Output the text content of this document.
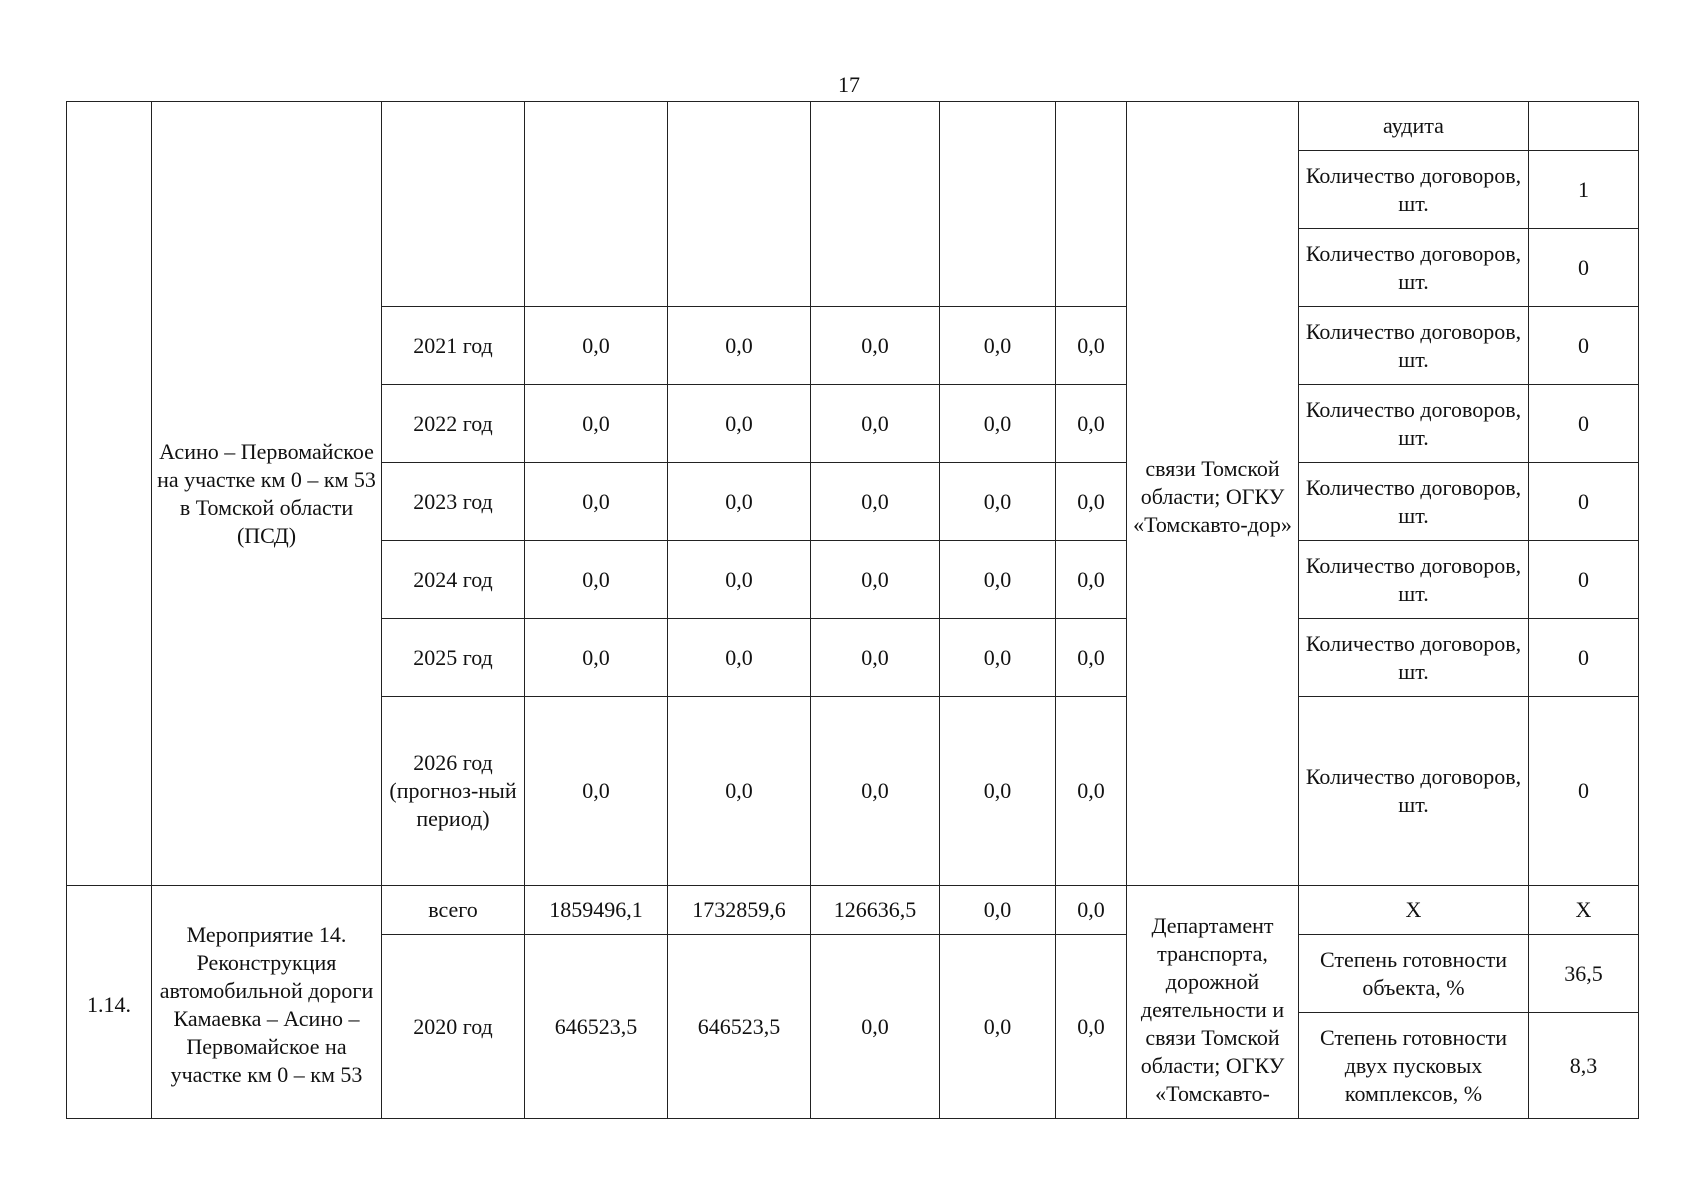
17
	Асино – Первомайское на участке км 0 – км 53 в Томской области (ПСД)							связи Томской области; ОГКУ «Томскавто-дор»	аудита	
									Количество договоров, шт.	1
									Количество договоров, шт.	0
		2021 год	0,0	0,0	0,0	0,0	0,0		Количество договоров, шт.	0
		2022 год	0,0	0,0	0,0	0,0	0,0		Количество договоров, шт.	0
		2023 год	0,0	0,0	0,0	0,0	0,0		Количество договоров, шт.	0
		2024 год	0,0	0,0	0,0	0,0	0,0		Количество договоров, шт.	0
		2025 год	0,0	0,0	0,0	0,0	0,0		Количество договоров, шт.	0
		2026 год (прогноз-ный период)	0,0	0,0	0,0	0,0	0,0		Количество договоров, шт.	0
1.14.	Мероприятие 14. Реконструкция автомобильной дороги Камаевка – Асино – Первомайское на участке км 0 – км 53	всего	1859496,1	1732859,6	126636,5	0,0	0,0	Департамент транспорта, дорожной деятельности и связи Томской области; ОГКУ «Томскавто-	Х	Х
		2020 год	646523,5	646523,5	0,0	0,0	0,0		Степень готовности объекта, %	36,5
									Степень готовности двух пусковых комплексов, %	8,3
